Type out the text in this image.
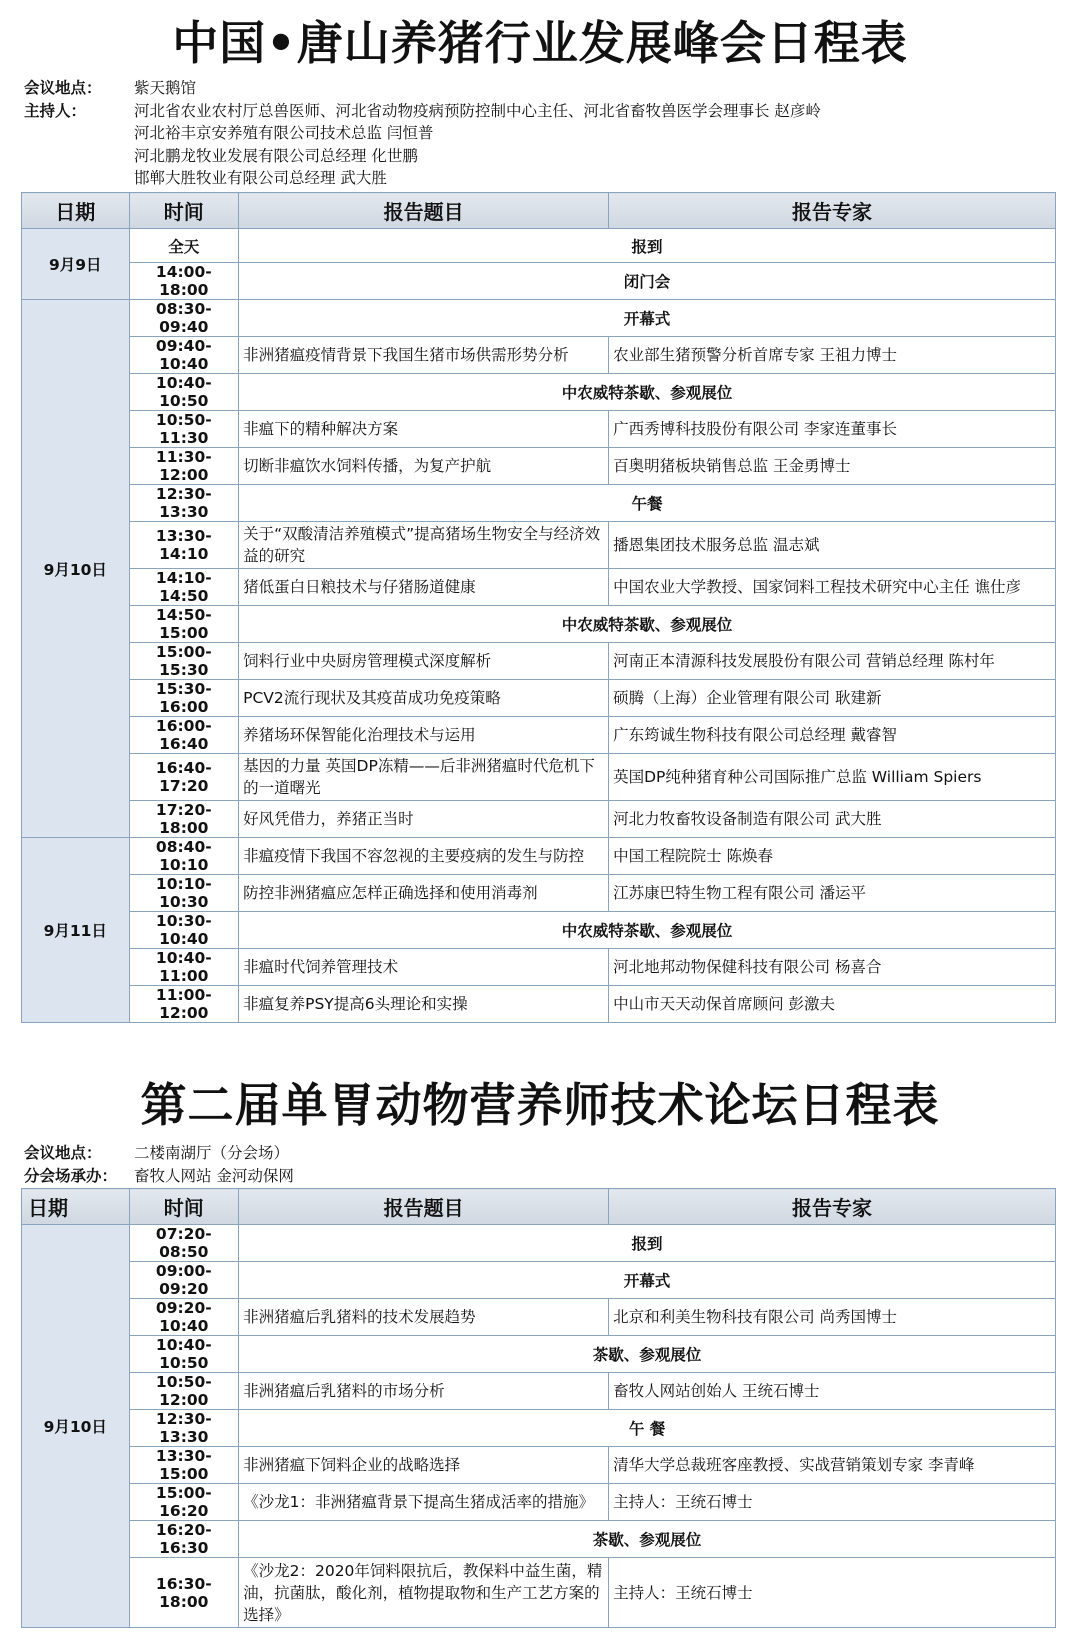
中国•唐山养猪行业发展峰会日程表
会议地点：	紫天鹅馆
主持人：	河北省农业农村厅总兽医师、河北省动物疫病预防控制中心主任、河北省畜牧兽医学会理事长 赵彦岭
河北裕丰京安养殖有限公司技术总监 闫恒普
河北鹏龙牧业发展有限公司总经理 化世鹏
邯郸大胜牧业有限公司总经理 武大胜
日期	时间	报告题目	报告专家
9月9日	全天	报到	
	14:00-18:00	闭门会	
9月10日	08:30-09:40	开幕式	
	09:40-10:40	非洲猪瘟疫情背景下我国生猪市场供需形势分析	农业部生猪预警分析首席专家 王祖力博士
	10:40-10:50	中农威特茶歇、参观展位	
	10:50-11:30	非瘟下的精种解决方案	广西秀博科技股份有限公司 李家连董事长
	11:30-12:00	切断非瘟饮水饲料传播，为复产护航	百奥明猪板块销售总监 王金勇博士
	12:30-13:30	午餐	
	13:30-14:10	关于“双酸清洁养殖模式”提高猪场生物安全与经济效益的研究	播恩集团技术服务总监 温志斌
	14:10-14:50	猪低蛋白日粮技术与仔猪肠道健康	中国农业大学教授、国家饲料工程技术研究中心主任 谯仕彦
	14:50-15:00	中农威特茶歇、参观展位	
	15:00-15:30	饲料行业中央厨房管理模式深度解析	河南正本清源科技发展股份有限公司 营销总经理 陈村年
	15:30-16:00	PCV2流行现状及其疫苗成功免疫策略	硕腾（上海）企业管理有限公司 耿建新
	16:00-16:40	养猪场环保智能化治理技术与运用	广东筠诚生物科技有限公司总经理 戴睿智
	16:40-17:20	基因的力量 英国DP冻精——后非洲猪瘟时代危机下的一道曙光	英国DP纯种猪育种公司国际推广总监 William Spiers
	17:20-18:00	好风凭借力，养猪正当时	河北力牧畜牧设备制造有限公司 武大胜
9月11日	08:40-10:10	非瘟疫情下我国不容忽视的主要疫病的发生与防控	中国工程院院士 陈焕春
	10:10-10:30	防控非洲猪瘟应怎样正确选择和使用消毒剂	江苏康巴特生物工程有限公司 潘运平
	10:30-10:40	中农威特茶歇、参观展位	
	10:40-11:00	非瘟时代饲养管理技术	河北地邦动物保健科技有限公司 杨喜合
	11:00-12:00	非瘟复养PSY提高6头理论和实操	中山市天天动保首席顾问 彭激夫
第二届单胃动物营养师技术论坛日程表
会议地点：	二楼南湖厅（分会场）
分会场承办：	畜牧人网站 金河动保网
日期	时间	报告题目	报告专家
9月10日	07:20-08:50	报到	
	09:00-09:20	开幕式	
	09:20-10:40	非洲猪瘟后乳猪料的技术发展趋势	北京和利美生物科技有限公司 尚秀国博士
	10:40-10:50	茶歇、参观展位	
	10:50-12:00	非洲猪瘟后乳猪料的市场分析	畜牧人网站创始人 王统石博士
	12:30-13:30	午 餐	
	13:30-15:00	非洲猪瘟下饲料企业的战略选择	清华大学总裁班客座教授、实战营销策划专家 李青峰
	15:00-16:20	《沙龙1：非洲猪瘟背景下提高生猪成活率的措施》	主持人：王统石博士
	16:20-16:30	茶歇、参观展位	
	16:30-18:00	《沙龙2：2020年饲料限抗后，教保料中益生菌，精油，抗菌肽，酸化剂，植物提取物和生产工艺方案的选择》	主持人：王统石博士
